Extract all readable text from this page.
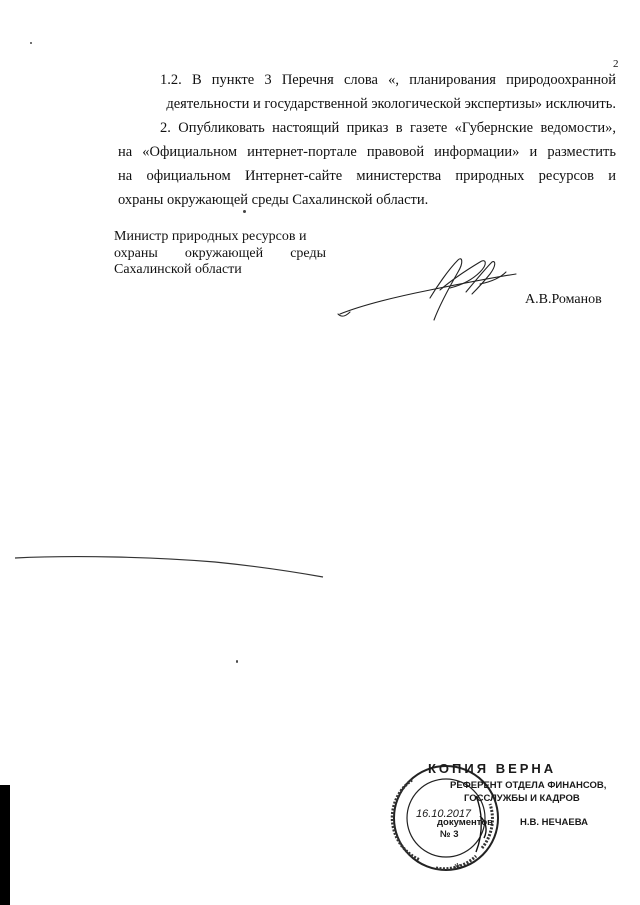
2

1.2. В пункте 3 Перечня слова «, планирования природоохранной
деятельности и государственной экологической экспертизы» исключить.

2. Опубликовать настоящий приказ в газете «Губернские ведомости»,
на «Официальном интернет-портале правовой информации» и разместить
на официальном Интернет-сайте министерства природных ресурсов и
охраны окружающей среды Сахалинской области.

Министр природных ресурсов и
охраны окружающей среды
Сахалинской области
А.В.Романов
✻
КОПИЯ ВЕРНА
РЕФЕРЕНТ ОТДЕЛА ФИНАНСОВ,
ГОССЛУЖБЫ И КАДРОВ
16.10.2017
документов	Н.В. НЕЧАЕВА
№ 3
